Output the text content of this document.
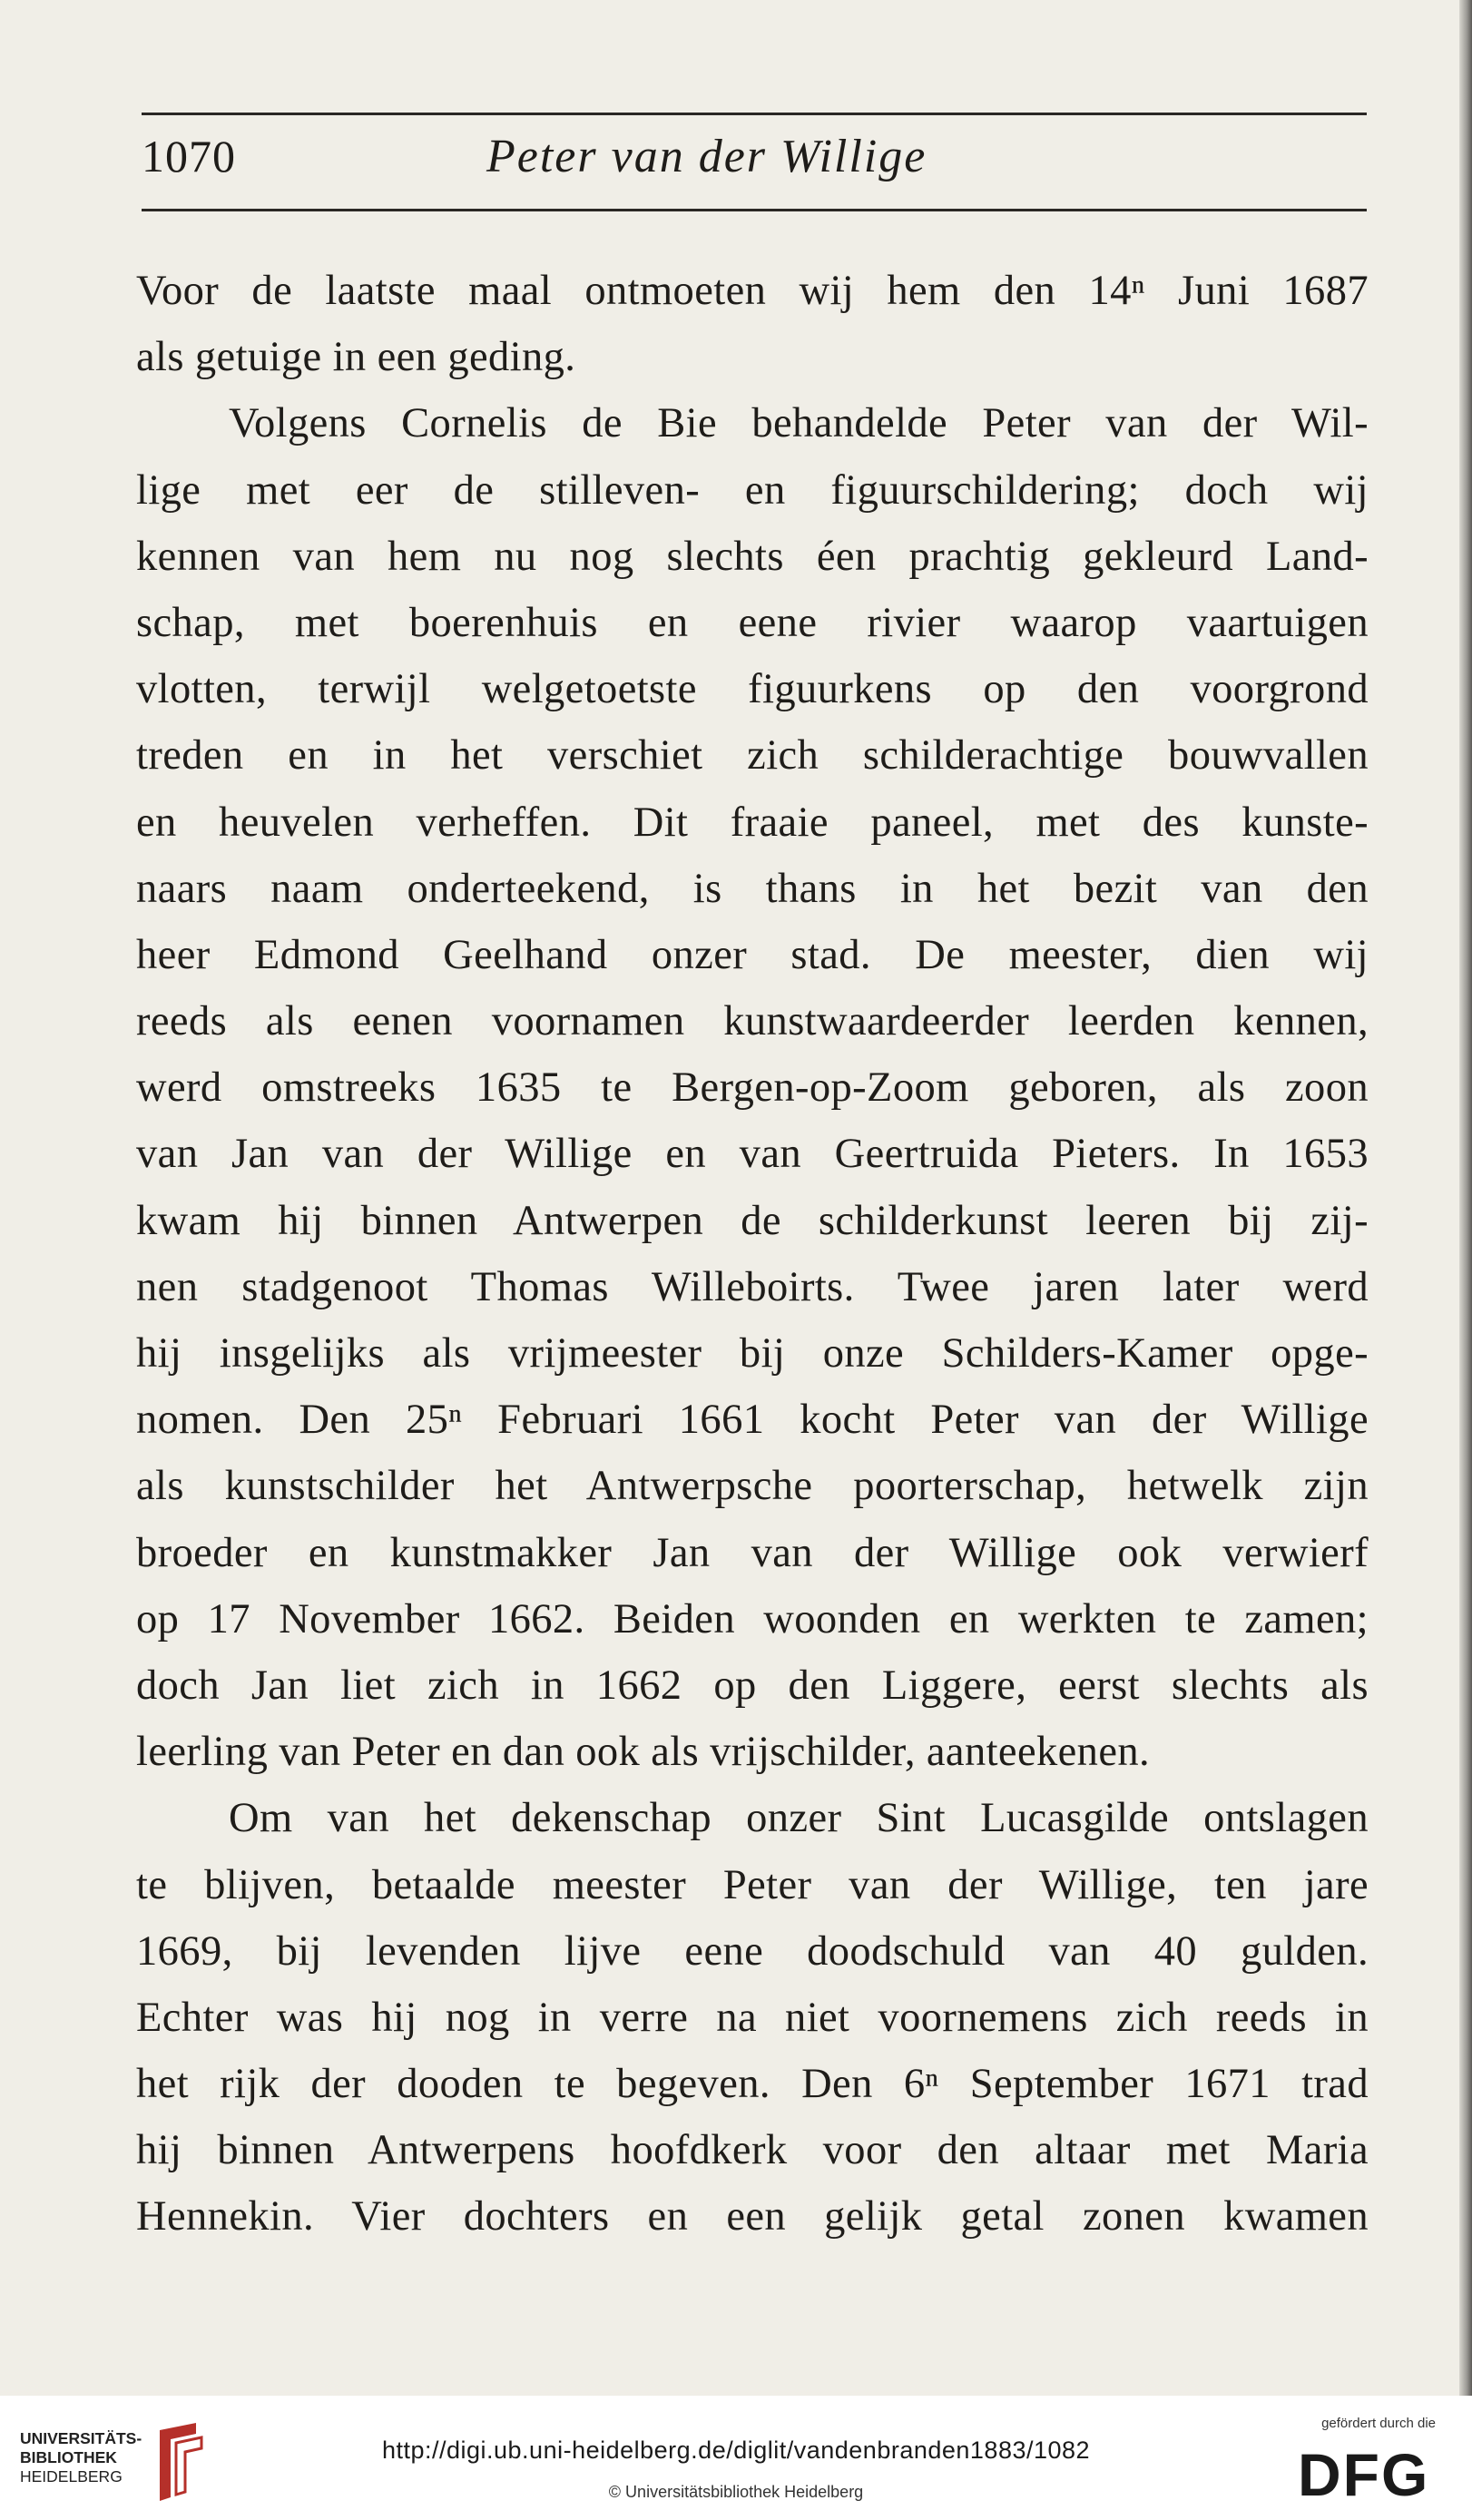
1070	Peter van der Willige
Voor de laatste maal ontmoeten wij hem den 14ⁿ Juni 1687
als getuige in een geding.
Volgens Cornelis de Bie behandelde Peter van der Wil-
lige met eer de stilleven- en figuurschildering; doch wij
kennen van hem nu nog slechts éen prachtig gekleurd Land-
schap, met boerenhuis en eene rivier waarop vaartuigen
vlotten, terwijl welgetoetste figuurkens op den voorgrond
treden en in het verschiet zich schilderachtige bouwvallen
en heuvelen verheffen. Dit fraaie paneel, met des kunste-
naars naam onderteekend, is thans in het bezit van den
heer Edmond Geelhand onzer stad. De meester, dien wij
reeds als eenen voornamen kunstwaardeerder leerden kennen,
werd omstreeks 1635 te Bergen-op-Zoom geboren, als zoon
van Jan van der Willige en van Geertruida Pieters. In 1653
kwam hij binnen Antwerpen de schilderkunst leeren bij zij-
nen stadgenoot Thomas Willeboirts. Twee jaren later werd
hij insgelijks als vrijmeester bij onze Schilders-Kamer opge-
nomen. Den 25ⁿ Februari 1661 kocht Peter van der Willige
als kunstschilder het Antwerpsche poorterschap, hetwelk zijn
broeder en kunstmakker Jan van der Willige ook verwierf
op 17 November 1662. Beiden woonden en werkten te zamen;
doch Jan liet zich in 1662 op den Liggere, eerst slechts als
leerling van Peter en dan ook als vrijschilder, aanteekenen.
Om van het dekenschap onzer Sint Lucasgilde ontslagen
te blijven, betaalde meester Peter van der Willige, ten jare
1669, bij levenden lijve eene doodschuld van 40 gulden.
Echter was hij nog in verre na niet voornemens zich reeds in
het rijk der dooden te begeven. Den 6ⁿ September 1671 trad
hij binnen Antwerpens hoofdkerk voor den altaar met Maria
Hennekin. Vier dochters en een gelijk getal zonen kwamen
UNIVERSITÄTS-
BIBLIOTHEK
HEIDELBERG
http://digi.ub.uni-heidelberg.de/diglit/vandenbranden1883/1082
© Universitätsbibliothek Heidelberg
gefördert durch die
DFG
